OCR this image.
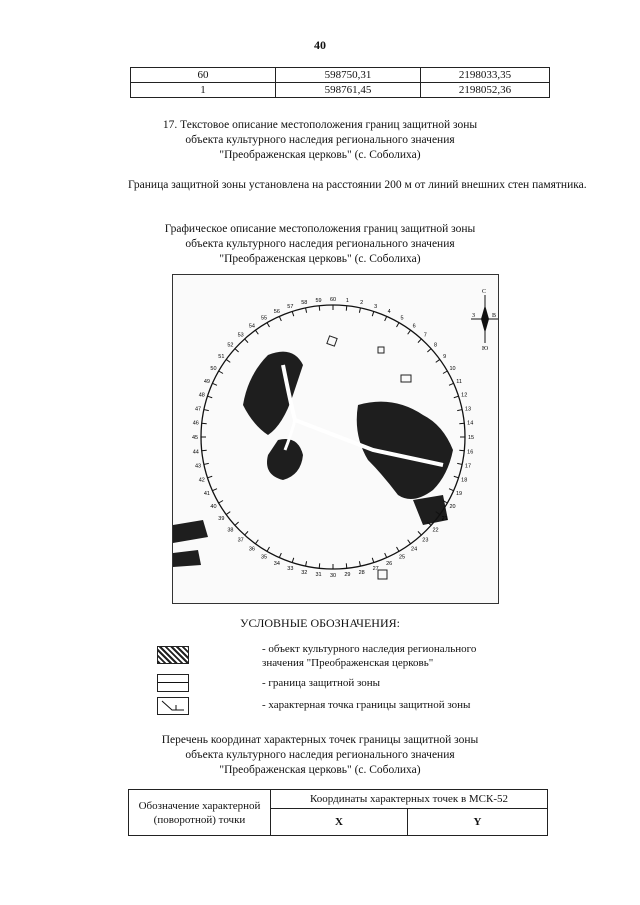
40
60	598750,31	2198033,35
1	598761,45	2198052,36
17. Текстовое описание местоположения границ защитной зоны
объекта культурного наследия регионального значения
"Преображенская церковь" (с. Соболиха)
Граница защитной зоны установлена на расстоянии 200 м от линий внешних стен памятника.
Графическое описание местоположения границ защитной зоны
объекта культурного наследия регионального значения
"Преображенская церковь" (с. Соболиха)
С
В
З
Ю
1 2
3
4
5
6
7
8
9
10
11
12
13
14
15
16
17
18
19
20
21
22
23
24
25
26
27
28
29
30
31
32
33
34
35
36
37
38
39
40
41
42
43
44
45
46
47
48
49
50
51
52
53
54
55
56
57
58 59 60
УСЛОВНЫЕ ОБОЗНАЧЕНИЯ:
- объект культурного наследия регионального
значения "Преображенская церковь"
- граница защитной зоны
- характерная точка границы защитной зоны
Перечень координат характерных точек границы защитной зоны
объекта культурного наследия регионального значения
"Преображенская церковь" (с. Соболиха)
Обозначение характерной (поворотной) точки	Координаты характерных точек в МСК-52	
	X	Y
